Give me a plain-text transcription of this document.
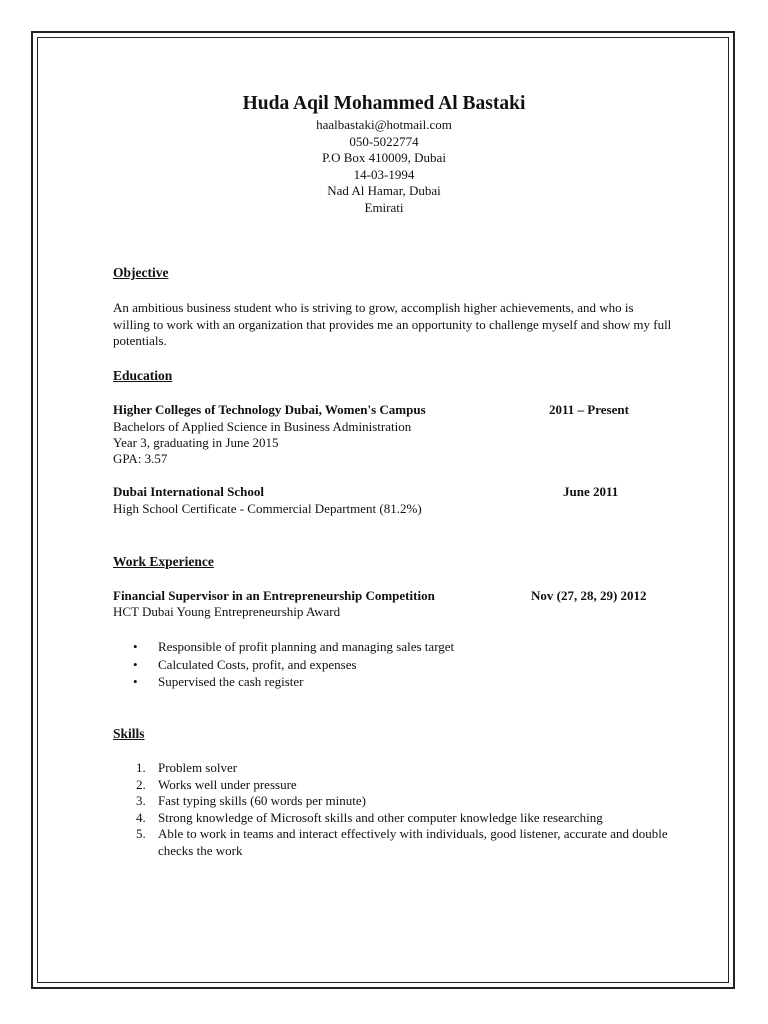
Huda Aqil Mohammed Al Bastaki
haalbastaki@hotmail.com
050-5022774
P.O Box 410009, Dubai
14-03-1994
Nad Al Hamar, Dubai
Emirati
Objective
An ambitious business student who is striving to grow, accomplish higher achievements, and who is willing to work with an organization that provides me an opportunity to challenge myself and show my full potentials.
Education
Higher Colleges of Technology Dubai, Women's Campus	2011 – Present
Bachelors of Applied Science in Business Administration
Year 3, graduating in June 2015
GPA: 3.57
Dubai International School	June 2011
High School Certificate - Commercial Department (81.2%)
Work Experience
Financial Supervisor in an Entrepreneurship Competition	Nov (27, 28, 29) 2012
HCT Dubai Young Entrepreneurship Award
• Responsible of profit planning and managing sales target
• Calculated Costs, profit, and expenses
• Supervised the cash register
Skills
1. Problem solver
2. Works well under pressure
3. Fast typing skills (60 words per minute)
4. Strong knowledge of Microsoft skills and other computer knowledge like researching
5. Able to work in teams and interact effectively with individuals, good listener, accurate and double checks the work
